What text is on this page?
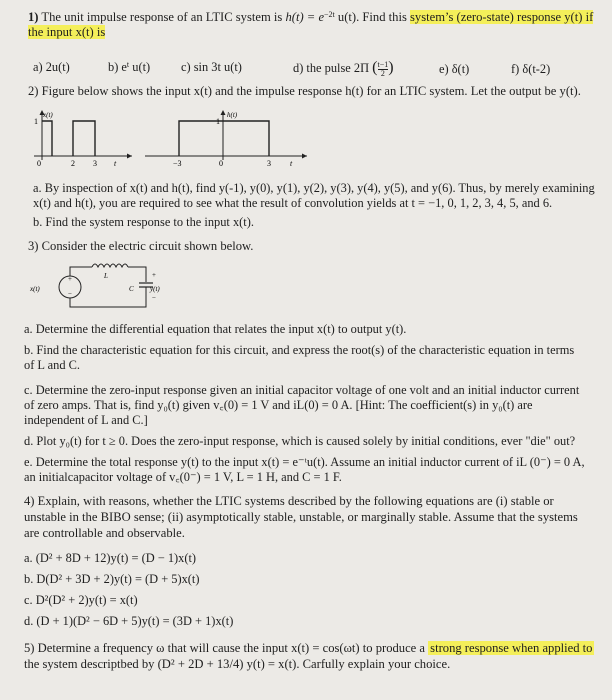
1) The unit impulse response of an LTIC system is $h(t) = e^{-2t}$ u(t). Find this system’s (zero-state) response y(t) if
the input x(t) is
a) 2u(t)	b) $e^t$ u(t) c) sin 3t u(t)	d) the pulse 2Π ( $\frac{t-1}{2}$ )	e) δ(t)	f) δ(t-2)
2) Figure below shows the input x(t) and the impulse response h(t) for an LTIC system. Let the output be y(t).
x(t)
1
0	2 3 t
h(t)
1
−3	0	3 t
a. By inspection of x(t) and h(t), find y(-1), y(0), y(1), y(2), y(3), y(4), y(5), and y(6). Thus, by merely examining
x(t) and h(t), you are required to see what the result of convolution yields at t = −1, 0, 1, 2, 3, 4, 5, and 6.
b. Find the system response to the input x(t).
3) Consider the electric circuit shown below.
+
−
x(t)
L
C
+
y(t)
−
a. Determine the differential equation that relates the input x(t) to output y(t).
b. Find the characteristic equation for this circuit, and express the root(s) of the characteristic equation in terms
of L and C.
c. Determine the zero-input response given an initial capacitor voltage of one volt and an initial inductor current
of zero amps. That is, find y₀(t) given v꜀(0) = 1 V and iL(0) = 0 A. [Hint: The coefficient(s) in y₀(t) are
independent of L and C.]
d. Plot y₀(t) for t ≥ 0. Does the zero-input response, which is caused solely by initial conditions, ever "die" out?
e. Determine the total response y(t) to the input x(t) = e⁻ᵗu(t). Assume an initial inductor current of iL (0⁻) = 0 A,
an initialcapacitor voltage of v꜀(0⁻) = 1 V, L = 1 H, and C = 1 F.
4) Explain, with reasons, whether the LTIC systems described by the following equations are (i) stable or
unstable in the BIBO sense; (ii) asymptotically stable, unstable, or marginally stable. Assume that the systems
are controllable and observable.
a. (D² + 8D + 12)y(t) = (D − 1)x(t)
b. D(D² + 3D + 2)y(t) = (D + 5)x(t)
c. D²(D² + 2)y(t) = x(t)
d. (D + 1)(D² − 6D + 5)y(t) = (3D + 1)x(t)
5) Determine a frequency ω that will cause the input x(t) = cos(ωt) to produce a strong response when applied to
the system descriptbed by (D² + 2D + 13/4) y(t) = x(t). Carfully explain your choice.
